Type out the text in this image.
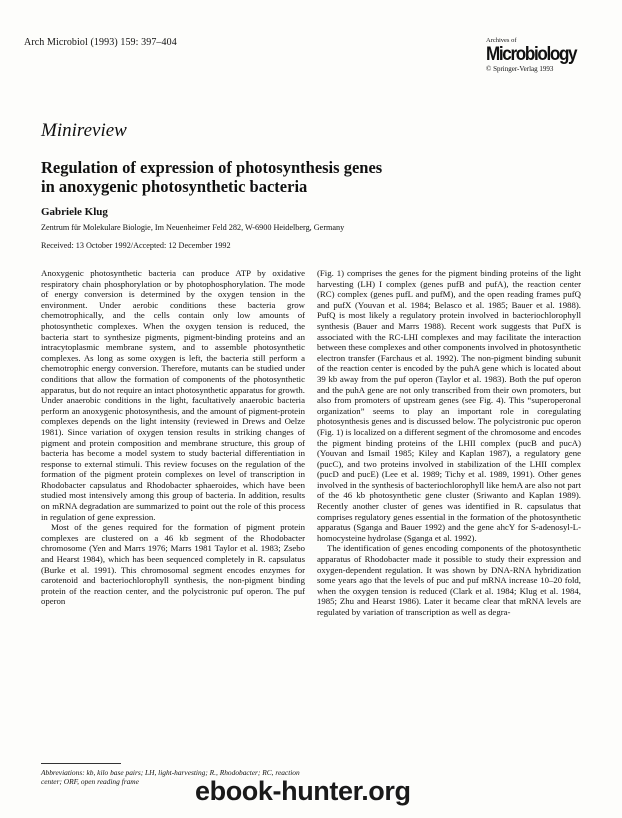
Arch Microbiol (1993) 159: 397–404	Archives of
Microbiology
© Springer-Verlag 1993
Minireview
Regulation of expression of photosynthesis genes
in anoxygenic photosynthetic bacteria
Gabriele Klug
Zentrum für Molekulare Biologie, Im Neuenheimer Feld 282, W-6900 Heidelberg, Germany
Received: 13 October 1992/Accepted: 12 December 1992

Anoxygenic photosynthetic bacteria can produce ATP by oxidative respiratory chain phosphorylation or by photophosphorylation. The mode of energy conversion is determined by the oxygen tension in the environment. Under aerobic conditions these bacteria grow chemotrophically, and the cells contain only low amounts of photosynthetic complexes. When the oxygen tension is reduced, the bacteria start to synthesize pigments, pigment-binding proteins and an intracytoplasmic membrane system, and to assemble photosynthetic complexes. As long as some oxygen is left, the bacteria still perform a chemotrophic energy conversion. Therefore, mutants can be studied under conditions that allow the formation of components of the photosynthetic apparatus, but do not require an intact photosynthetic apparatus for growth. Under anaerobic conditions in the light, facultatively anaerobic bacteria perform an anoxygenic photosynthesis, and the amount of pigment-protein complexes depends on the light intensity (reviewed in Drews and Oelze 1981). Since variation of oxygen tension results in striking changes of pigment and protein composition and membrane structure, this group of bacteria has become a model system to study bacterial differentiation in response to external stimuli. This review focuses on the regulation of the formation of the pigment protein complexes on level of transcription in Rhodobacter capsulatus and Rhodobacter sphaeroides, which have been studied most intensively among this group of bacteria. In addition, results on mRNA degradation are summarized to point out the role of this process in regulation of gene expression.

Most of the genes required for the formation of pigment protein complexes are clustered on a 46 kb segment of the Rhodobacter chromosome (Yen and Marrs 1976; Marrs 1981 Taylor et al. 1983; Zsebo and Hearst 1984), which has been sequenced completely in R. capsulatus (Burke et al. 1991). This chromosomal segment encodes enzymes for carotenoid and bacteriochlorophyll synthesis, the non-pigment binding protein of the reaction center, and the polycistronic puf operon. The puf operon

(Fig. 1) comprises the genes for the pigment binding proteins of the light harvesting (LH) I complex (genes pufB and pufA), the reaction center (RC) complex (genes pufL and pufM), and the open reading frames pufQ and pufX (Youvan et al. 1984; Belasco et al. 1985; Bauer et al. 1988). PufQ is most likely a regulatory protein involved in bacteriochlorophyll synthesis (Bauer and Marrs 1988). Recent work suggests that PufX is associated with the RC-LHI complexes and may facilitate the interaction between these complexes and other components involved in photosynthetic electron transfer (Farchaus et al. 1992). The non-pigment binding subunit of the reaction center is encoded by the puhA gene which is located about 39 kb away from the puf operon (Taylor et al. 1983). Both the puf operon and the puhA gene are not only transcribed from their own promoters, but also from promoters of upstream genes (see Fig. 4). This “superoperonal organization” seems to play an important role in coregulating photosynthesis genes and is discussed below. The polycistronic puc operon (Fig. 1) is localized on a different segment of the chromosome and encodes the pigment binding proteins of the LHII complex (pucB and pucA) (Youvan and Ismail 1985; Kiley and Kaplan 1987), a regulatory gene (pucC), and two proteins involved in stabilization of the LHII complex (pucD and pucE) (Lee et al. 1989; Tichy et al. 1989, 1991). Other genes involved in the synthesis of bacteriochlorophyll like hemA are also not part of the 46 kb photosynthetic gene cluster (Sriwanto and Kaplan 1989). Recently another cluster of genes was identified in R. capsulatus that comprises regulatory genes essential in the formation of the photosynthetic apparatus (Sganga and Bauer 1992) and the gene ahcY for S-adenosyl-L-homocysteine hydrolase (Sganga et al. 1992).

The identification of genes encoding components of the photosynthetic apparatus of Rhodobacter made it possible to study their expression and oxygen-dependent regulation. It was shown by DNA-RNA hybridization some years ago that the levels of puc and puf mRNA increase 10–20 fold, when the oxygen tension is reduced (Clark et al. 1984; Klug et al. 1984, 1985; Zhu and Hearst 1986). Later it became clear that mRNA levels are regulated by variation of transcription as well as degra-

Abbreviations: kb, kilo base pairs; LH, light-harvesting; R., Rhodobacter; RC, reaction center; ORF, open reading frame	ebook-hunter.org
